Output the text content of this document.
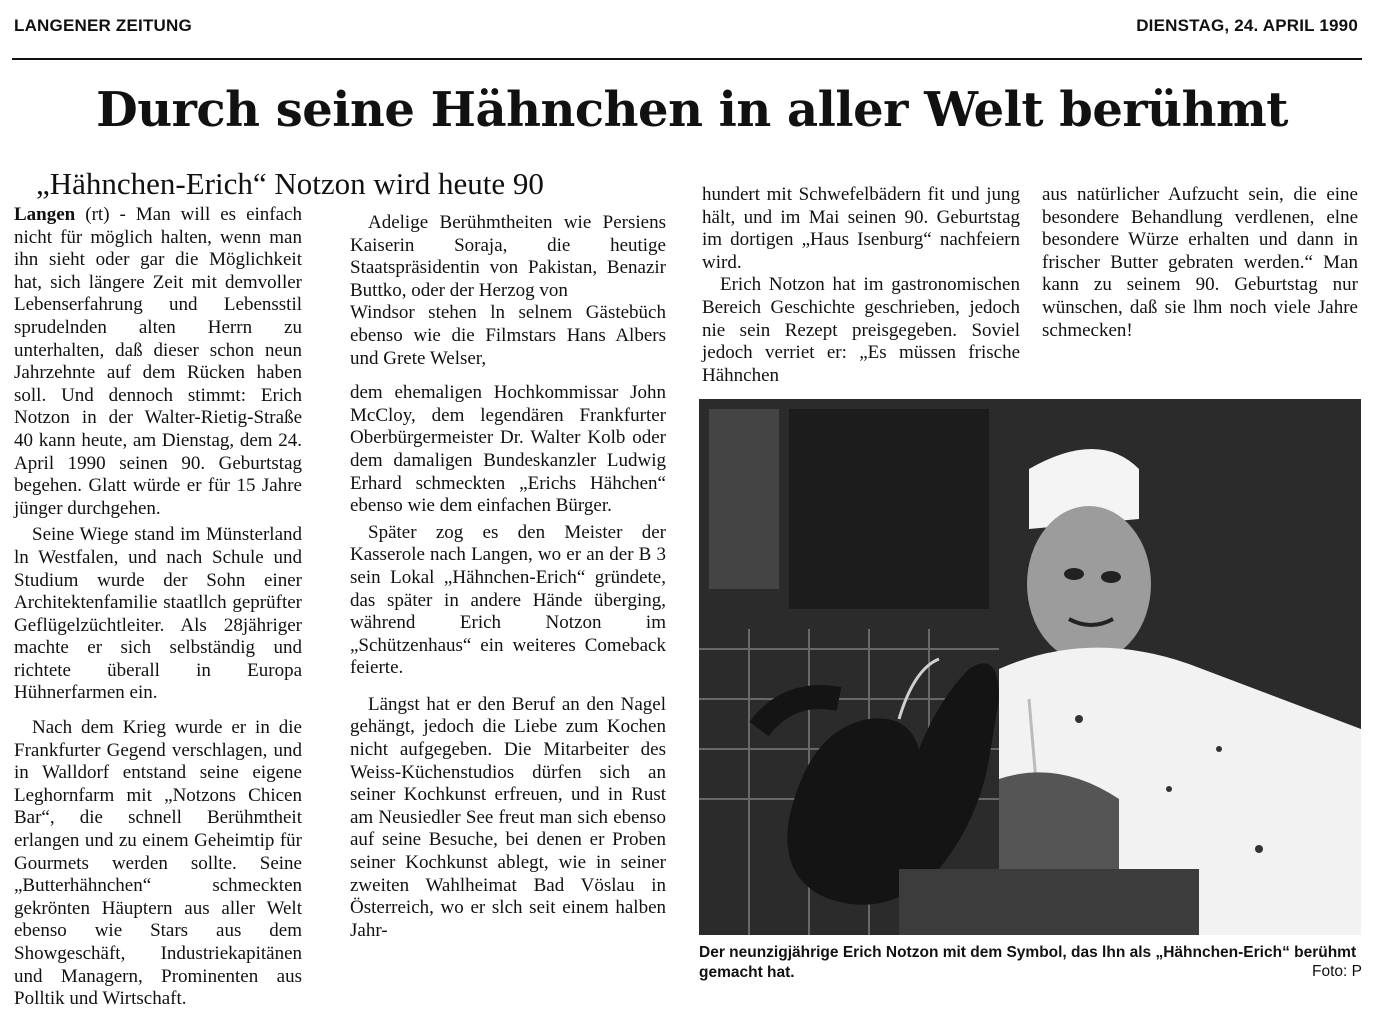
LANGENER ZEITUNG	DIENSTAG, 24. APRIL 1990
Durch seine Hähnchen in aller Welt berühmt
„Hähnchen-Erich“ Notzon wird heute 90

Langen (rt) - Man will es einfach nicht für möglich halten, wenn man ihn sieht oder gar die Möglichkeit hat, sich längere Zeit mit demvoller Lebenserfahrung und Lebensstil sprudelnden alten Herrn zu unterhalten, daß dieser schon neun Jahrzehnte auf dem Rücken haben soll. Und dennoch stimmt: Erich Notzon in der Walter-Rietig-Straße 40 kann heute, am Dienstag, dem 24. April 1990 seinen 90. Geburtstag begehen. Glatt würde er für 15 Jahre jünger durchgehen.

Seine Wiege stand im Münsterland ln Westfalen, und nach Schule und Studium wurde der Sohn einer Architektenfamilie staatllch geprüfter Geflügelzüchtleiter. Als 28jähriger machte er sich selbständig und richtete überall in Europa Hühnerfarmen ein.

Nach dem Krieg wurde er in die Frankfurter Gegend verschlagen, und in Walldorf entstand seine eigene Leghornfarm mit „Notzons Chicen Bar“, die schnell Berühmtheit erlangen und zu einem Geheimtip für Gourmets werden sollte. Seine „Butterhähnchen“ schmeckten gekrönten Häuptern aus aller Welt ebenso wie Stars aus dem Showgeschäft, Industriekapitänen und Managern, Prominenten aus Polltik und Wirtschaft.

Adelige Berühmtheiten wie Persiens Kaiserin Soraja, die heutige Staatspräsidentin von Pakistan, Benazir Buttko, oder der Herzog von

Windsor stehen ln selnem Gästebüch ebenso wie die Filmstars Hans Albers und Grete Welser,

dem ehemaligen Hochkommissar John McCloy, dem legendären Frankfurter Oberbürgermeister Dr. Walter Kolb oder dem damaligen Bundeskanzler Ludwig Erhard schmeckten „Erichs Hähchen“ ebenso wie dem einfachen Bürger.

Später zog es den Meister der Kasserole nach Langen, wo er an der B 3 sein Lokal „Hähnchen-Erich“ gründete, das später in andere Hände überging, während Erich Notzon im „Schützenhaus“ ein weiteres Comeback feierte.

Längst hat er den Beruf an den Nagel gehängt, jedoch die Liebe zum Kochen nicht aufgegeben. Die Mitarbeiter des Weiss-Küchenstudios dürfen sich an seiner Kochkunst erfreuen, und in Rust am Neusiedler See freut man sich ebenso auf seine Besuche, bei denen er Proben seiner Kochkunst ablegt, wie in seiner zweiten Wahlheimat Bad Vöslau in Österreich, wo er slch seit einem halben Jahr-

hundert mit Schwefelbädern fit und jung hält, und im Mai seinen 90. Geburtstag im dortigen „Haus Isenburg“ nachfeiern wird.

Erich Notzon hat im gastronomischen Bereich Geschichte geschrieben, jedoch nie sein Rezept preisgegeben. Soviel jedoch verriet er: „Es müssen frische Hähnchen

aus natürlicher Aufzucht sein, die eine besondere Behandlung verdlenen, elne besondere Würze erhalten und dann in frischer Butter gebraten werden.“ Man kann zu seinem 90. Geburtstag nur wünschen, daß sie lhm noch viele Jahre schmecken!

Der neunzigjährige Erich Notzon mit dem Symbol, das lhn als „Hähnchen-Erich“ berühmt gemacht hat.	Foto: P
